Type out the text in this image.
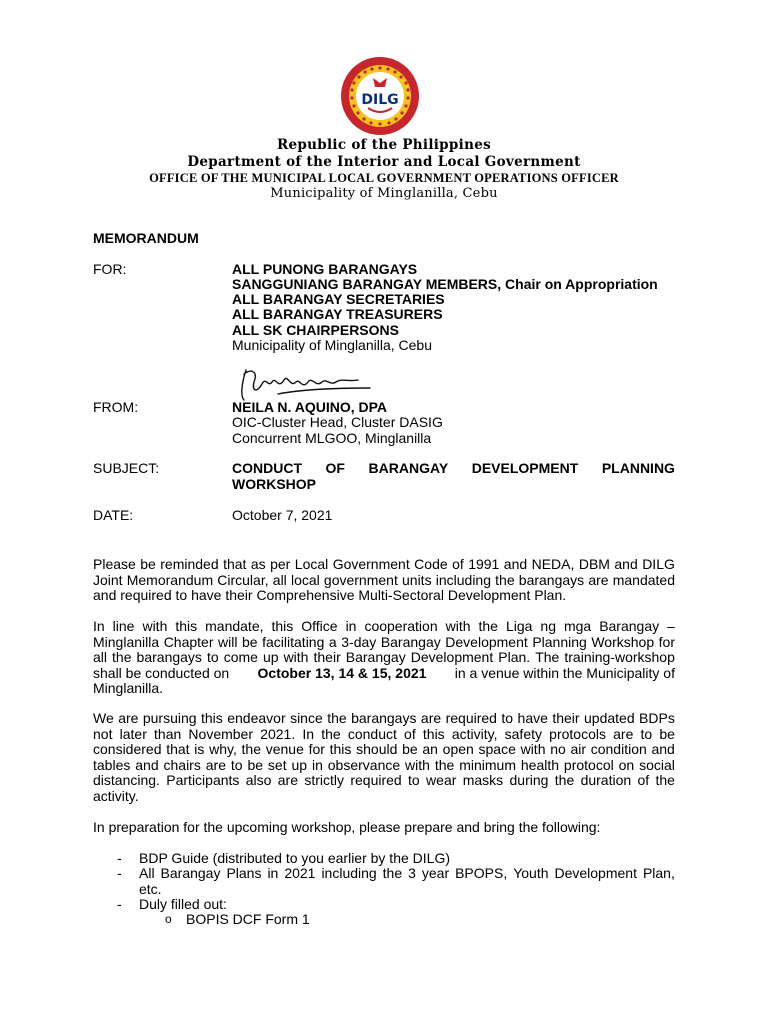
DILG
Republic of the Philippines
Department of the Interior and Local Government
OFFICE OF THE MUNICIPAL LOCAL GOVERNMENT OPERATIONS OFFICER
Municipality of Minglanilla, Cebu
MEMORANDUM
FOR:	ALL PUNONG BARANGAYS
SANGGUNIANG BARANGAY MEMBERS, Chair on Appropriation
ALL BARANGAY SECRETARIES
ALL BARANGAY TREASURERS
ALL SK CHAIRPERSONS
Municipality of Minglanilla, Cebu
FROM:	NEILA N. AQUINO, DPA
OIC-Cluster Head, Cluster DASIG
Concurrent MLGOO, Minglanilla
SUBJECT:	CONDUCT OF BARANGAY DEVELOPMENT PLANNING
WORKSHOP
DATE:	October 7, 2021
Please be reminded that as per Local Government Code of 1991 and NEDA, DBM and DILG
Joint Memorandum Circular, all local government units including the barangays are mandated
and required to have their Comprehensive Multi-Sectoral Development Plan.
In line with this mandate, this Office in cooperation with the Liga ng mga Barangay –
Minglanilla Chapter will be facilitating a 3-day Barangay Development Planning Workshop for
all the barangays to come up with their Barangay Development Plan. The training-workshop
shall be conducted on October 13, 14 & 15, 2021 in a venue within the Municipality of
Minglanilla.
We are pursuing this endeavor since the barangays are required to have their updated BDPs
not later than November 2021. In the conduct of this activity, safety protocols are to be
considered that is why, the venue for this should be an open space with no air condition and
tables and chairs are to be set up in observance with the minimum health protocol on social
distancing. Participants also are strictly required to wear masks during the duration of the
activity.
In preparation for the upcoming workshop, please prepare and bring the following:
- BDP Guide (distributed to you earlier by the DILG)
- All Barangay Plans in 2021 including the 3 year BPOPS, Youth Development Plan,
etc.
- Duly filled out:
o BOPIS DCF Form 1
